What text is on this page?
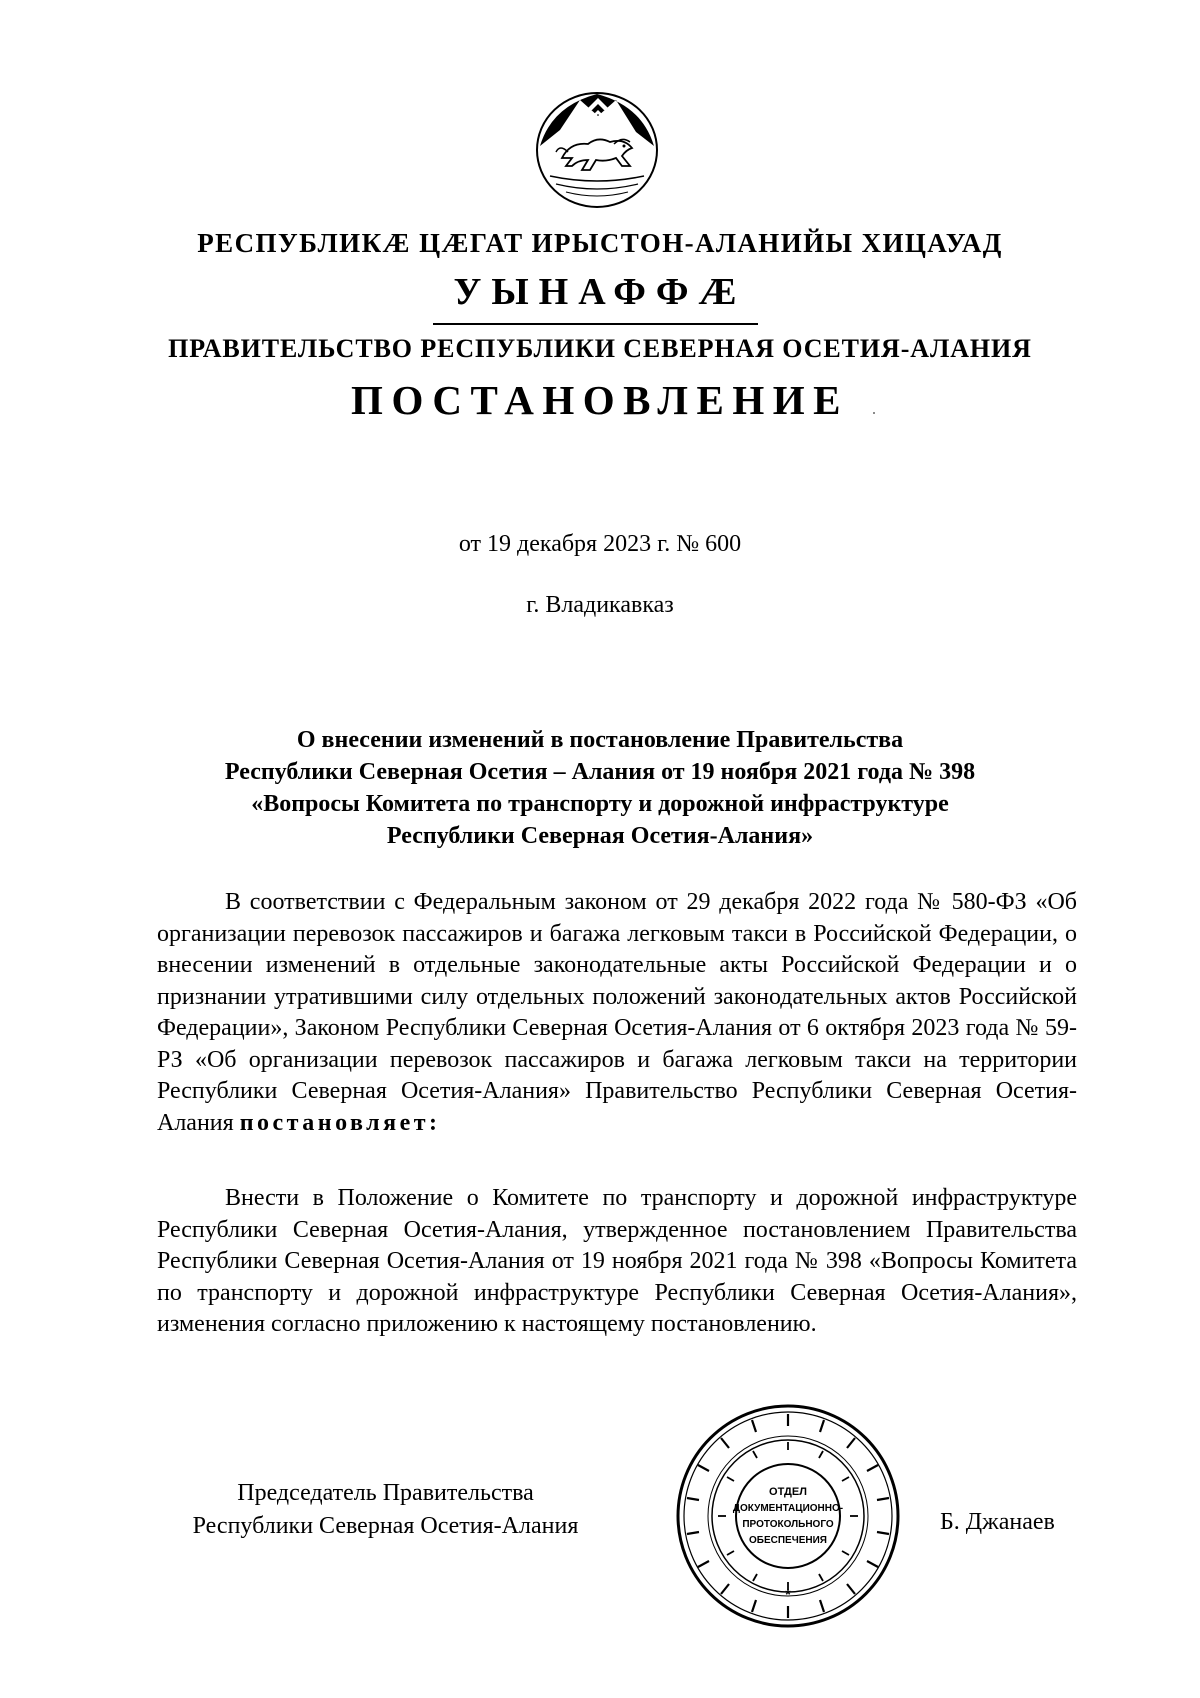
РЕСПУБЛИКÆ ЦÆГАТ ИРЫСТОН-АЛАНИЙЫ ХИЦАУАД
УЫНАФФÆ
ПРАВИТЕЛЬСТВО РЕСПУБЛИКИ СЕВЕРНАЯ ОСЕТИЯ-АЛАНИЯ
ПОСТАНОВЛЕНИЕ
от 19 декабря 2023 г. № 600
г. Владикавказ
О внесении изменений в постановление Правительства
Республики Северная Осетия – Алания от 19 ноября 2021 года № 398
«Вопросы Комитета по транспорту и дорожной инфраструктуре
Республики Северная Осетия-Алания»
В соответствии с Федеральным законом от 29 декабря 2022 года № 580-ФЗ «Об организации перевозок пассажиров и багажа легковым такси в Российской Федерации, о внесении изменений в отдельные законодательные акты Российской Федерации и о признании утратившими силу отдельных положений законодательных актов Российской Федерации», Законом Республики Северная Осетия-Алания от 6 октября 2023 года № 59-РЗ «Об организации перевозок пассажиров и багажа легковым такси на территории Республики Северная Осетия-Алания» Правительство Республики Северная Осетия-Алания постановляет:
Внести в Положение о Комитете по транспорту и дорожной инфраструктуре Республики Северная Осетия-Алания, утвержденное постановлением Правительства Республики Северная Осетия-Алания от 19 ноября 2021 года № 398 «Вопросы Комитета по транспорту и дорожной инфраструктуре Республики Северная Осетия-Алания», изменения согласно приложению к настоящему постановлению.
Председатель Правительства
Республики Северная Осетия-Алания
ОТДЕЛ
ДОКУМЕНТАЦИОННО-
ПРОТОКОЛЬНОГО
ОБЕСПЕЧЕНИЯ
*
Б. Джанаев
